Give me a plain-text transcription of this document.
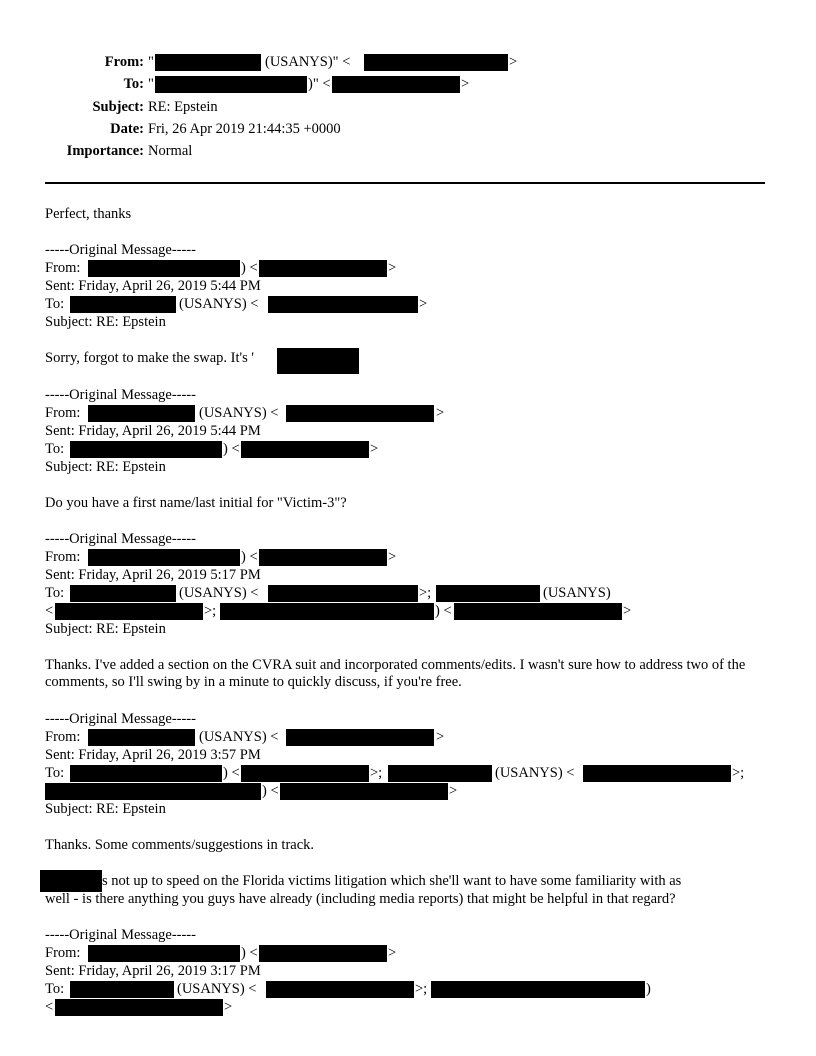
From: "	(USANYS)" <	>
To: "	)" <	>
Subject: RE: Epstein
Date: Fri, 26 Apr 2019 21:44:35 +0000
Importance: Normal
Perfect, thanks
-----Original Message-----
From:	) <	>
Sent: Friday, April 26, 2019 5:44 PM
To:	(USANYS) <	>
Subject: RE: Epstein
Sorry, forgot to make the swap. It's '
-----Original Message-----
From:	(USANYS) <	>
Sent: Friday, April 26, 2019 5:44 PM
To:	) <	>
Subject: RE: Epstein
Do you have a first name/last initial for "Victim-3"?
-----Original Message-----
From:	) <	>
Sent: Friday, April 26, 2019 5:17 PM
To:	(USANYS) <	>;	(USANYS)
<	>;	) <	>
Subject: RE: Epstein
Thanks. I've added a section on the CVRA suit and incorporated comments/edits. I wasn't sure how to address two of the comments, so I'll swing by in a minute to quickly discuss, if you're free.
-----Original Message-----
From:	(USANYS) <	>
Sent: Friday, April 26, 2019 3:57 PM
To:	) <	>;	(USANYS) <	>;
) <	>
Subject: RE: Epstein
Thanks. Some comments/suggestions in track.
s not up to speed on the Florida victims litigation which she'll want to have some familiarity with as
well - is there anything you guys have already (including media reports) that might be helpful in that regard?
-----Original Message-----
From:	) <	>
Sent: Friday, April 26, 2019 3:17 PM
To:	(USANYS) <	>;	)
<	>
